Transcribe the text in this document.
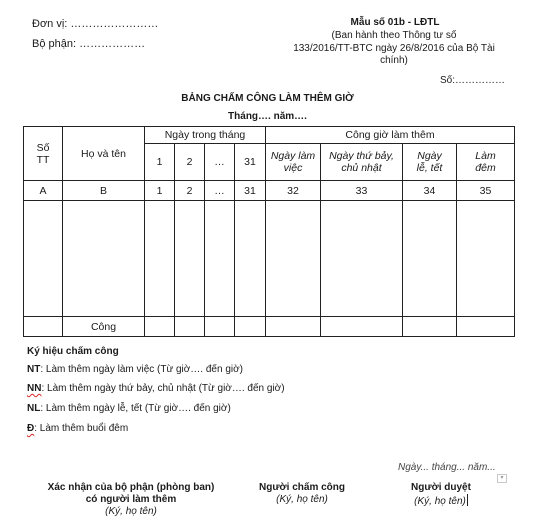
Đơn vị: ……………………
Bộ phận: ………………
Mẫu số 01b - LĐTL
(Ban hành theo Thông tư số
133/2016/TT-BTC ngày 26/8/2016 của Bộ Tài
chính)
Số:……………
BẢNG CHẤM CÔNG LÀM THÊM GIỜ
Tháng…. năm….
Số TT	Họ và tên	Ngày trong tháng				Công giờ làm thêm			
		1	2	…	31	Ngày làm việc	Ngày thứ bảy, chủ nhật	Ngày lễ, tết	Làm đêm
A	B	1	2	…	31	32	33	34	35

	Công								
Ký hiệu chấm công
NT: Làm thêm ngày làm việc (Từ giờ…. đến giờ)
NN: Làm thêm ngày thứ bảy, chủ nhật (Từ giờ…. đến giờ)
NL: Làm thêm ngày lễ, tết (Từ giờ…. đến giờ)
Đ: Làm thêm buổi đêm
Ngày... tháng... năm...
▾
Xác nhận của bộ phận (phòng ban)
có người làm thêm
(Ký, họ tên)
Người chấm công
(Ký, họ tên)
Người duyệt
(Ký, họ tên)
